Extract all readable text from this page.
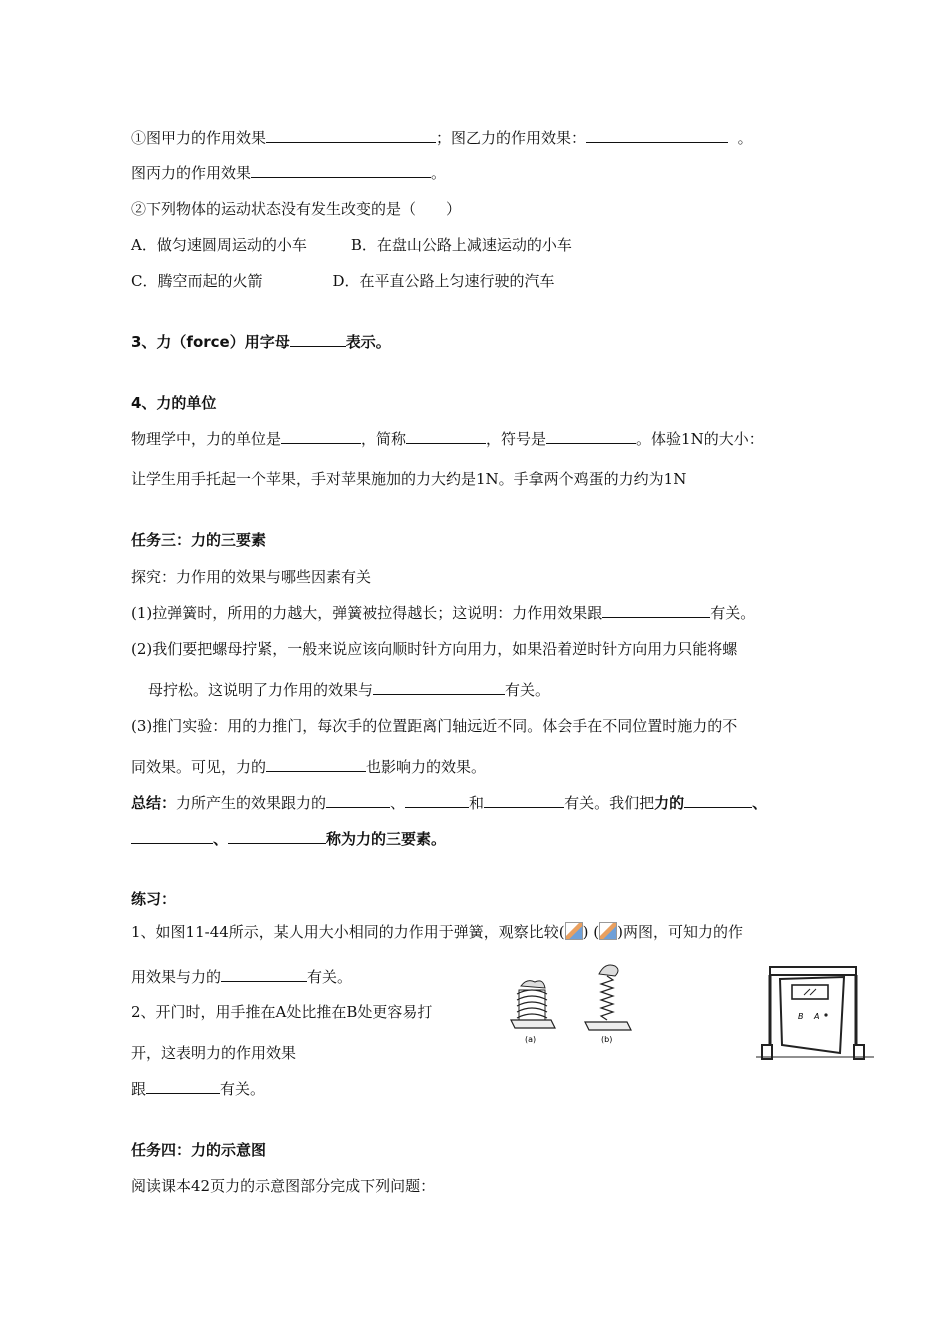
①图甲力的作用效果	；图乙力的作用效果：	。
图丙力的作用效果	。
②下列物体的运动状态没有发生改变的是（　　）
A．做匀速圆周运动的小车	B．在盘山公路上减速运动的小车
C．腾空而起的火箭	D．在平直公路上匀速行驶的汽车
3、力（force）用字母	表示。
4、力的单位
物理学中，力的单位是	，简称	，符号是	。体验1N的大小：
让学生用手托起一个苹果，手对苹果施加的力大约是1N。手拿两个鸡蛋的力约为1N
任务三：力的三要素
探究：力作用的效果与哪些因素有关
(1)拉弹簧时，所用的力越大，弹簧被拉得越长；这说明：力作用效果跟	有关。
(2)我们要把螺母拧紧，一般来说应该向顺时针方向用力，如果沿着逆时针方向用力只能将螺
母拧松。这说明了力作用的效果与	有关。
(3)推门实验：用的力推门，每次手的位置距离门轴远近不同。体会手在不同位置时施力的不
同效果。可见，力的	也影响力的效果。
总结：力所产生的效果跟力的	、	和	有关。我们把力的	、
、	称为力的三要素。
练习：
1、如图11-44所示，某人用大小相同的力作用于弹簧，观察比较( ) ( )两图，可知力的作
用效果与力的	有关。
2、开门时，用手推在A处比推在B处更容易打
开，这表明力的作用效果
跟	有关。
(a)	(b)
B A
任务四：力的示意图
阅读课本42页力的示意图部分完成下列问题：
